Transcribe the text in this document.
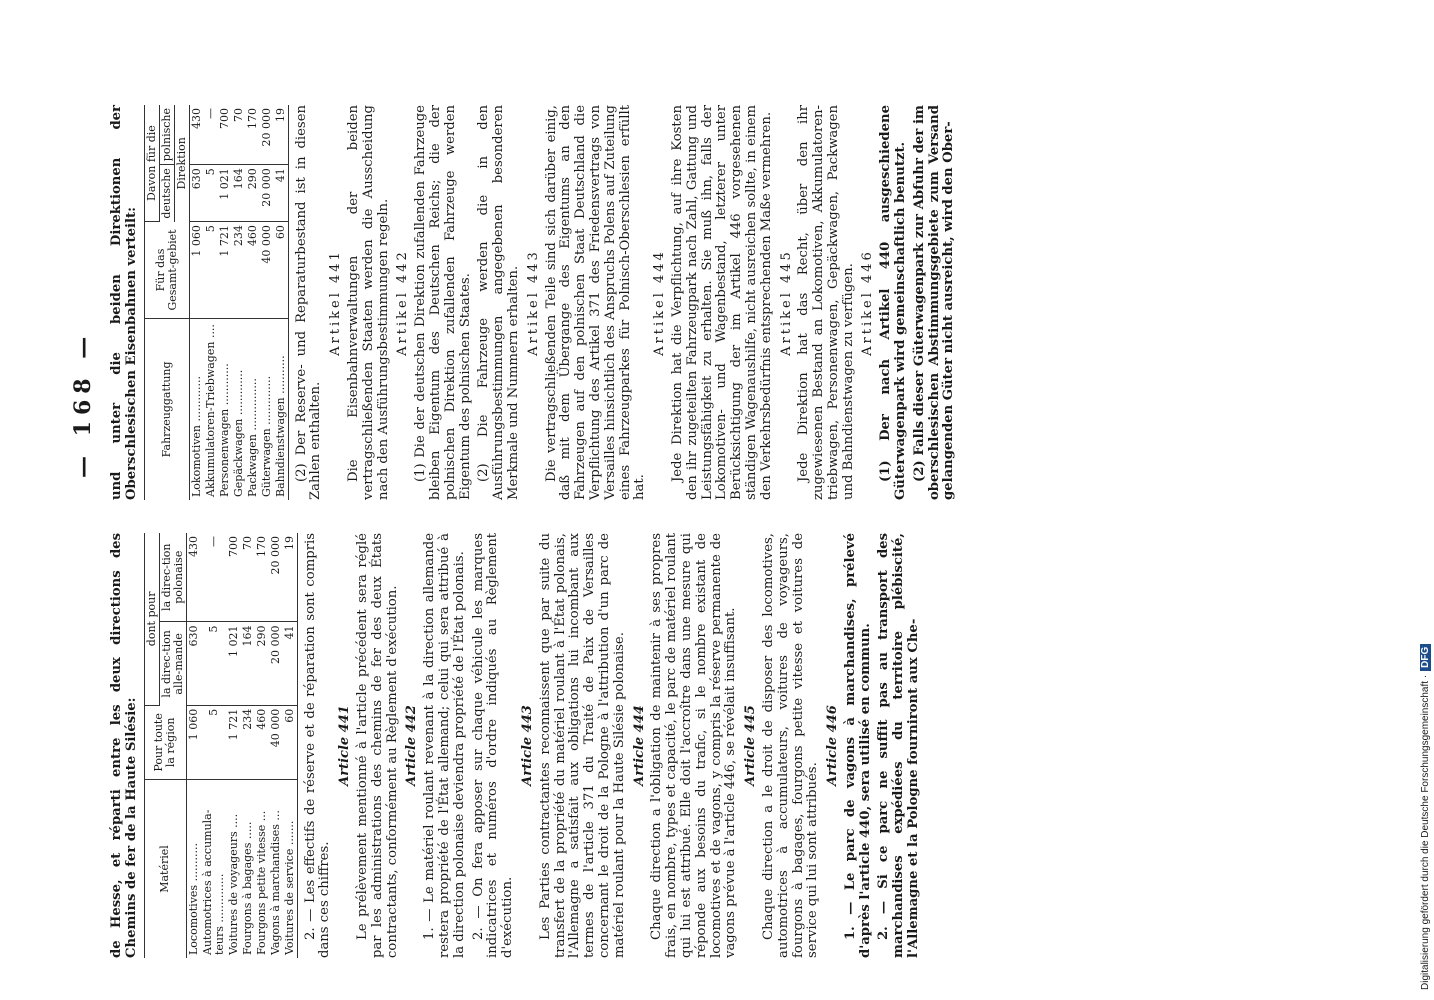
— 168 —
Digitalisierung gefördert durch die Deutsche Forschungsgemeinschaft ·DFG

de Hesse, et réparti entre les deux directions des Chemins de fer de la Haute Silésie: Matériel	Pour toute la région	dont pour	
		la direc-tion alle-mande	la direc-tion polonaise
Locomotives ...........	1 060	630	430
Automotrices à accumula-teurs ..............	5	5	—
Voitures de voyageurs ....	1 721	1 021	700
Fourgons à bagages .....	234	164	70
Fourgons petite vitesse ...	460	290	170
Vagons à marchandises ...	40 000	20 000	20 000
Voitures de service .......	60	41	19 2. — Les effectifs de réserve et de réparation sont compris dans ces chiffres.

Article 441 Le prélèvement mentionné à l'article précédent sera réglé par les administrations des chemins de fer des deux États contractants, conformément au Règlement d'exécution. Article 442 1. — Le matériel roulant revenant à la direction allemande restera propriété de l'État allemand; celui qui sera attribué à la direction polonaise deviendra propriété de l'État polonais. 2. — On fera apposer sur chaque véhicule les marques indicatrices et numéros d'ordre indiqués au Règlement d'exécution.

Article 443 Les Parties contractantes reconnaissent que par suite du transfert de la propriété du matériel roulant à l'État polonais, l'Allemagne a satisfait aux obligations lui incombant aux termes de l'article 371 du Traité de Paix de Versailles concernant le droit de la Pologne à l'attribution d'un parc de matériel roulant pour la Haute Silésie polonaise. Article 444 Chaque direction a l'obligation de maintenir à ses propres frais, en nombre, types et capacité, le parc de matériel roulant qui lui est attribué. Elle doit l'accroître dans une mesure qui réponde aux besoins du trafic, si le nombre existant de locomotives et de vagons, y compris la réserve permanente de vagons prévue à l'article 446, se révélait insuffisant. Article 445 Chaque direction a le droit de disposer des locomotives, automotrices à accumulateurs, voitures de voyageurs, fourgons à bagages, fourgons petite vitesse et voitures de service qui lui sont attribués.

Article 446 1. — Le parc de vagons à marchandises, prélevé d'après l'article 440, sera utilisé en commun. 2. — Si ce parc ne suffit pas au transport des marchandises expédiées du territoire plébiscité, l'Allemagne et la Pologne fourniront aux Che-

und unter die beiden Direktionen der Oberschlesischen Eisenbahnen verteilt: Fahrzeuggattung	Für das Gesamt-gebiet	Davon für die	
		deutsche	polnische
		Direktion	
Lokomotiven .............	1 060	630	430
Akkumulatoren-Triebwagen ....	5	5	—
Personenwagen ............	1 721	1 021	700
Gepäckwagen .............	234	164	70
Packwagen ...............	460	290	170
Güterwagen ..............	40 000	20 000	20 000
Bahndienstwagen ...........	60	41	19 (2) Der Reserve- und Reparaturbestand ist in diesen Zahlen enthalten.

Artikel 441 Die Eisenbahnverwaltungen der beiden vertragschließenden Staaten werden die Ausscheidung nach den Ausführungsbestimmungen regeln. Artikel 442 (1) Die der deutschen Direktion zufallenden Fahrzeuge bleiben Eigentum des Deutschen Reichs; die der polnischen Direktion zufallenden Fahrzeuge werden Eigentum des polnischen Staates. (2) Die Fahrzeuge werden die in den Ausführungsbestimmungen angegebenen besonderen Merkmale und Nummern erhalten. Artikel 443 Die vertragschließenden Teile sind sich darüber einig, daß mit dem Übergange des Eigentums an den Fahrzeugen auf den polnischen Staat Deutschland die Verpflichtung des Artikel 371 des Friedensvertrags von Versailles hinsichtlich des Anspruchs Polens auf Zuteilung eines Fahrzeugparkes für Polnisch-Oberschlesien erfüllt hat.

Artikel 444 Jede Direktion hat die Verpflichtung, auf ihre Kosten den ihr zugeteilten Fahrzeugpark nach Zahl, Gattung und Leistungsfähigkeit zu erhalten. Sie muß ihn, falls der Lokomotiven- und Wagenbestand, letzterer unter Berücksichtigung der im Artikel 446 vorgesehenen ständigen Wagenaushilfe, nicht ausreichen sollte, in einem den Verkehrsbedürfnis entsprechenden Maße vermehren. Artikel 445 Jede Direktion hat das Recht, über den ihr zugewiesenen Bestand an Lokomotiven, Akkumulatoren-triebwagen, Personenwagen, Gepäckwagen, Packwagen und Bahndienstwagen zu verfügen. Artikel 446 (1) Der nach Artikel 440 ausgeschiedene Güterwagenpark wird gemeinschaftlich benutzt. (2) Falls dieser Güterwagenpark zur Abfuhr der im oberschlesischen Abstimmungsgebiete zum Versand gelangenden Güter nicht ausreicht, wird den Ober-
